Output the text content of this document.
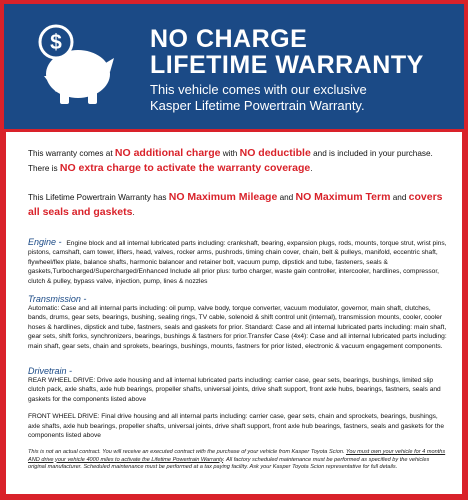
$	NO CHARGE
LIFETIME WARRANTY
This vehicle comes with our exclusive
Kasper Lifetime Powertrain Warranty.

This warranty comes at NO additional charge with NO deductible and is included in your purchase. There is NO extra charge to activate the warranty coverage.

This Lifetime Powertrain Warranty has NO Maximum Mileage and NO Maximum Term and covers all seals and gaskets.

Engine - Engine block and all internal lubricated parts including: crankshaft, bearing, expansion plugs, rods, mounts, torque strut, wrist pins, pistons, camshaft, cam tower, lifters, head, valves, rocker arms, pushrods, timing chain cover, chain, belt & pulleys, manifold, eccentric shaft, flywheel/flex plate, balance shafts, harmonic balancer and retainer bolt, vacuum pump, dipstick and tube, fasteners, seals & gaskets,Turbocharged/Supercharged/Enhanced Include all prior plus: turbo charger, waste gain controller, intercooler, hardlines, compressor, clutch & pulley, bypass valve, injection, pump, lines & nozzles
Transmission -
Automatic: Case and all internal parts including: oil pump, valve body, torque converter, vacuum modulator, governor, main shaft, clutches, bands, drums, gear sets, bearings, bushing, sealing rings, TV cable, solenoid & shift control unit (internal), transmission mounts, cooler, cooler hoses & hardlines, dipstick and tube, fastners, seals and gaskets for prior. Standard: Case and all internal lubricated parts including: main shaft, gear sets, shift forks, synchronizers, bearings, bushings & fastners for prior.Transfer Case (4x4): Case and all internal lubricated parts including: main shaft, gear sets, chain and sprokets, bearings, bushings, mounts, fastners for prior listed, electronic & vacuum engagement components.
Drivetrain -
REAR WHEEL DRIVE: Drive axle housing and all internal lubricated parts including: carrier case, gear sets, bearings, bushings, limited slip clutch pack, axle shafts, axle hub bearings, propeller shafts, universal joints, drive shaft support, front axle hubs, bearings, fastners, seals and gaskets for the components listed above
FRONT WHEEL DRIVE: Final drive housing and all internal parts including: carrier case, gear sets, chain and sprockets, bearings, bushings, axle shafts, axle hub bearings, propeller shafts, universal joints, drive shaft support, front axle hub bearings, fastners, seals and gaskets for the components listed above
This is not an actual contract. You will receive an executed contract with the purchase of your vehicle from Kasper Toyota Scion. You must own your vehicle for 4 months AND drive your vehicle 4000 miles to activate the Lifetime Powertrain Warranty. All factory scheduled maintenance must be performed as specified by the vehicles original manufacturer. Scheduled maintenance must be performed at a tax paying facility. Ask your Kasper Toyota Scion representative for full details.
